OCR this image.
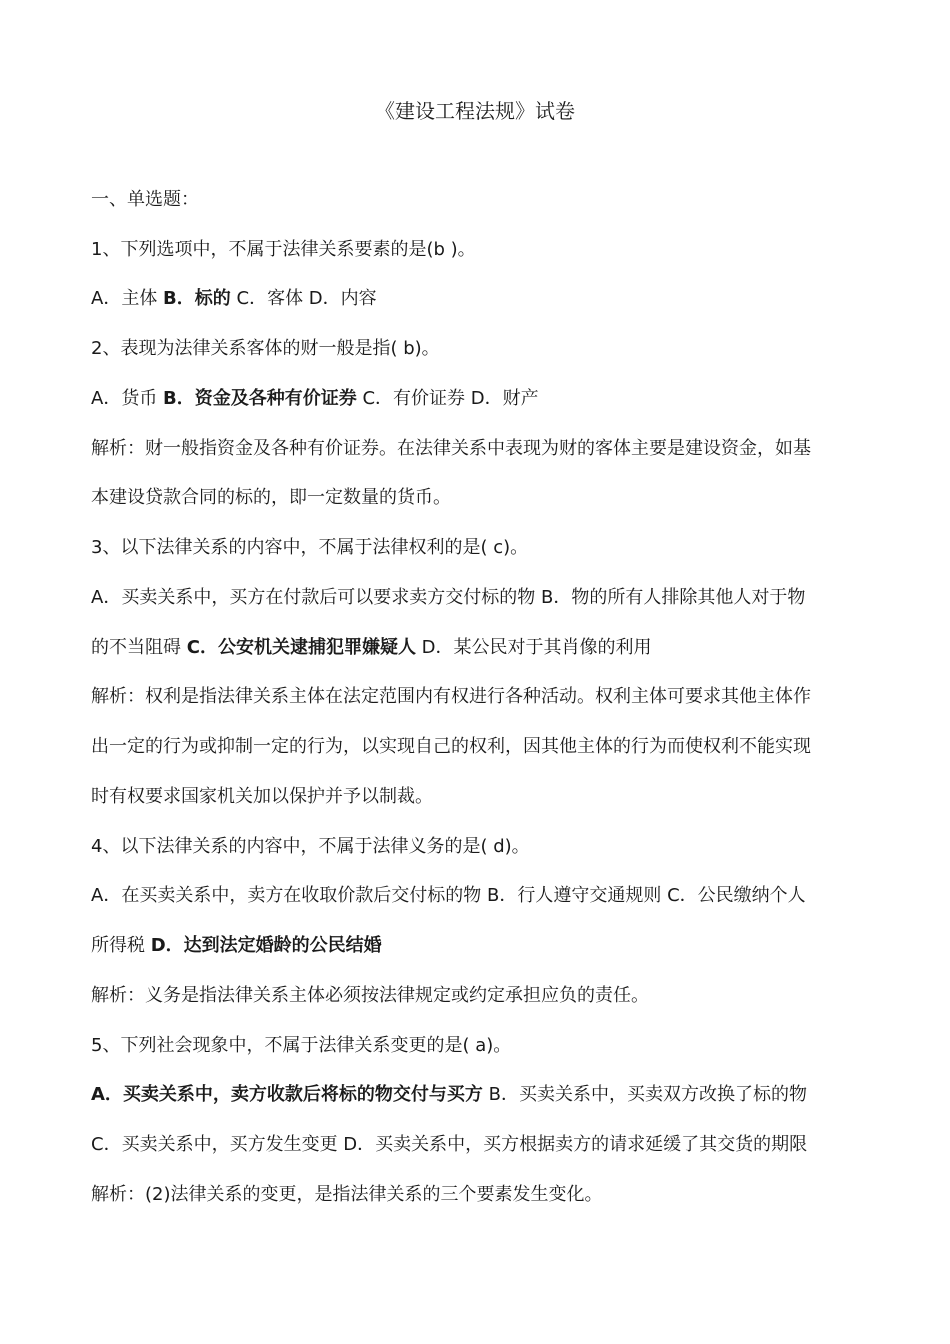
《建设工程法规》试卷
一、单选题：
1、下列选项中，不属于法律关系要素的是(b )。
A．主体 B．标的 C．客体 D．内容
2、表现为法律关系客体的财一般是指( b)。
A．货币 B．资金及各种有价证券 C．有价证券 D．财产
解析：财一般指资金及各种有价证券。在法律关系中表现为财的客体主要是建设资金，如基
本建设贷款合同的标的，即一定数量的货币。
3、以下法律关系的内容中，不属于法律权利的是( c)。
A．买卖关系中，买方在付款后可以要求卖方交付标的物 B．物的所有人排除其他人对于物
的不当阻碍 C．公安机关逮捕犯罪嫌疑人 D．某公民对于其肖像的利用
解析：权利是指法律关系主体在法定范围内有权进行各种活动。权利主体可要求其他主体作
出一定的行为或抑制一定的行为，以实现自己的权利，因其他主体的行为而使权利不能实现
时有权要求国家机关加以保护并予以制裁。
4、以下法律关系的内容中，不属于法律义务的是( d)。
A．在买卖关系中，卖方在收取价款后交付标的物 B．行人遵守交通规则 C．公民缴纳个人
所得税 D．达到法定婚龄的公民结婚
解析：义务是指法律关系主体必须按法律规定或约定承担应负的责任。
5、下列社会现象中，不属于法律关系变更的是( a)。
A．买卖关系中，卖方收款后将标的物交付与买方 B．买卖关系中，买卖双方改换了标的物
C．买卖关系中，买方发生变更 D．买卖关系中，买方根据卖方的请求延缓了其交货的期限
解析：(2)法律关系的变更，是指法律关系的三个要素发生变化。
